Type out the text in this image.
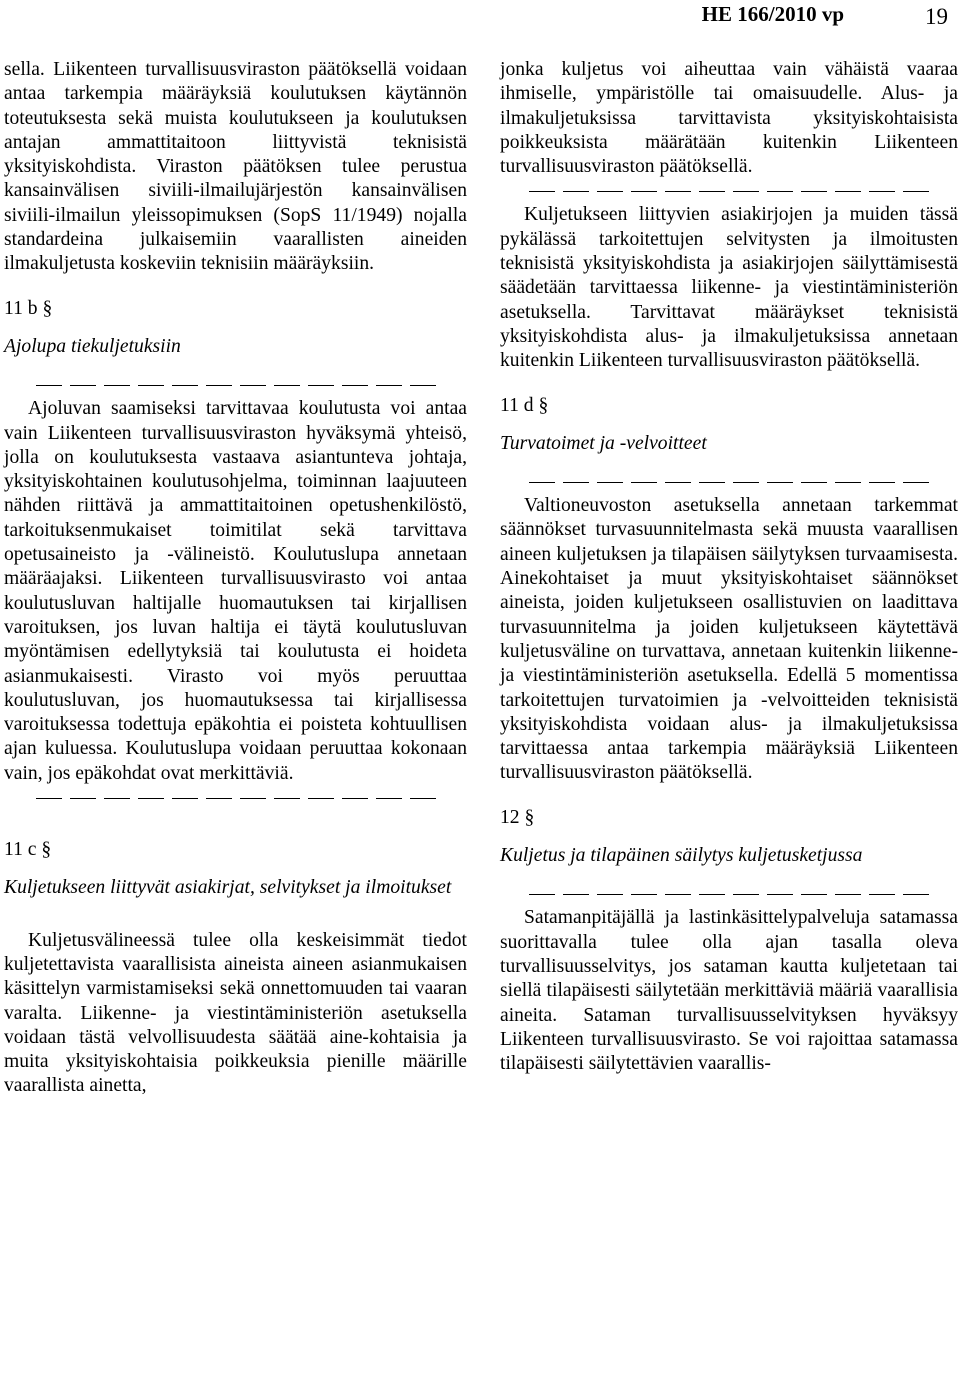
HE 166/2010 vp	19

sella. Liikenteen turvallisuusviraston päätöksellä voidaan antaa tarkempia määräyksiä koulutuksen käytännön toteutuksesta sekä muista koulutukseen ja koulutuksen antajan ammattitaitoon liittyvistä teknisistä yksityiskohdista. Viraston päätöksen tulee perustua kansainvälisen siviili-ilmailujärjestön kansainvälisen siviili-ilmailun yleissopimuksen (SopS 11/1949) nojalla standardeina julkaisemiin vaarallisten aineiden ilmakuljetusta koskeviin teknisiin määräyksiin.

11 b §

Ajolupa tiekuljetuksiin

Ajoluvan saamiseksi tarvittavaa koulutusta voi antaa vain Liikenteen turvallisuusviraston hyväksymä yhteisö, jolla on koulutuksesta vastaava asiantunteva johtaja, yksityiskohtainen koulutusohjelma, toiminnan laajuuteen nähden riittävä ja ammattitaitoinen opetushenkilöstö, tarkoituksenmukaiset toimitilat sekä tarvittava opetusaineisto ja -välineistö. Koulutuslupa annetaan määräajaksi. Liikenteen turvallisuusvirasto voi antaa koulutusluvan haltijalle huomautuksen tai kirjallisen varoituksen, jos luvan haltija ei täytä koulutusluvan myöntämisen edellytyksiä tai koulutusta ei hoideta asianmukaisesti. Virasto voi myös peruuttaa koulutusluvan, jos huomautuksessa tai kirjallisessa varoituksessa todettuja epäkohtia ei poisteta kohtuullisen ajan kuluessa. Koulutuslupa voidaan peruuttaa kokonaan vain, jos epäkohdat ovat merkittäviä.

11 c §

Kuljetukseen liittyvät asiakirjat, selvitykset ja ilmoitukset

Kuljetusvälineessä tulee olla keskeisimmät tiedot kuljetettavista vaarallisista aineista aineen asianmukaisen käsittelyn varmistamiseksi sekä onnettomuuden tai vaaran varalta. Liikenne- ja viestintäministeriön asetuksella voidaan tästä velvollisuudesta säätää aine-kohtaisia ja muita yksityiskohtaisia poikkeuksia pienille määrille vaarallista ainetta,

jonka kuljetus voi aiheuttaa vain vähäistä vaaraa ihmiselle, ympäristölle tai omaisuudelle. Alus- ja ilmakuljetuksissa tarvittavista yksityiskohtaisista poikkeuksista määrätään kuitenkin Liikenteen turvallisuusviraston päätöksellä.

Kuljetukseen liittyvien asiakirjojen ja muiden tässä pykälässä tarkoitettujen selvitysten ja ilmoitusten teknisistä yksityiskohdista ja asiakirjojen säilyttämisestä säädetään tarvittaessa liikenne- ja viestintäministeriön asetuksella. Tarvittavat määräykset teknisistä yksityiskohdista alus- ja ilmakuljetuksissa annetaan kuitenkin Liikenteen turvallisuusviraston päätöksellä.

11 d §

Turvatoimet ja -velvoitteet

Valtioneuvoston asetuksella annetaan tarkemmat säännökset turvasuunnitelmasta sekä muusta vaarallisen aineen kuljetuksen ja tilapäisen säilytyksen turvaamisesta. Ainekohtaiset ja muut yksityiskohtaiset säännökset aineista, joiden kuljetukseen osallistuvien on laadittava turvasuunnitelma ja joiden kuljetukseen käytettävä kuljetusväline on turvattava, annetaan kuitenkin liikenne- ja viestintäministeriön asetuksella. Edellä 5 momentissa tarkoitettujen turvatoimien ja -velvoitteiden teknisistä yksityiskohdista voidaan alus- ja ilmakuljetuksissa tarvittaessa antaa tarkempia määräyksiä Liikenteen turvallisuusviraston päätöksellä.

12 §

Kuljetus ja tilapäinen säilytys kuljetusketjussa

Satamanpitäjällä ja lastinkäsittelypalveluja satamassa suorittavalla tulee olla ajan tasalla oleva turvallisuusselvitys, jos sataman kautta kuljetetaan tai siellä tilapäisesti säilytetään merkittäviä määriä vaarallisia aineita. Sataman turvallisuusselvityksen hyväksyy Liikenteen turvallisuusvirasto. Se voi rajoittaa satamassa tilapäisesti säilytettävien vaarallis-
